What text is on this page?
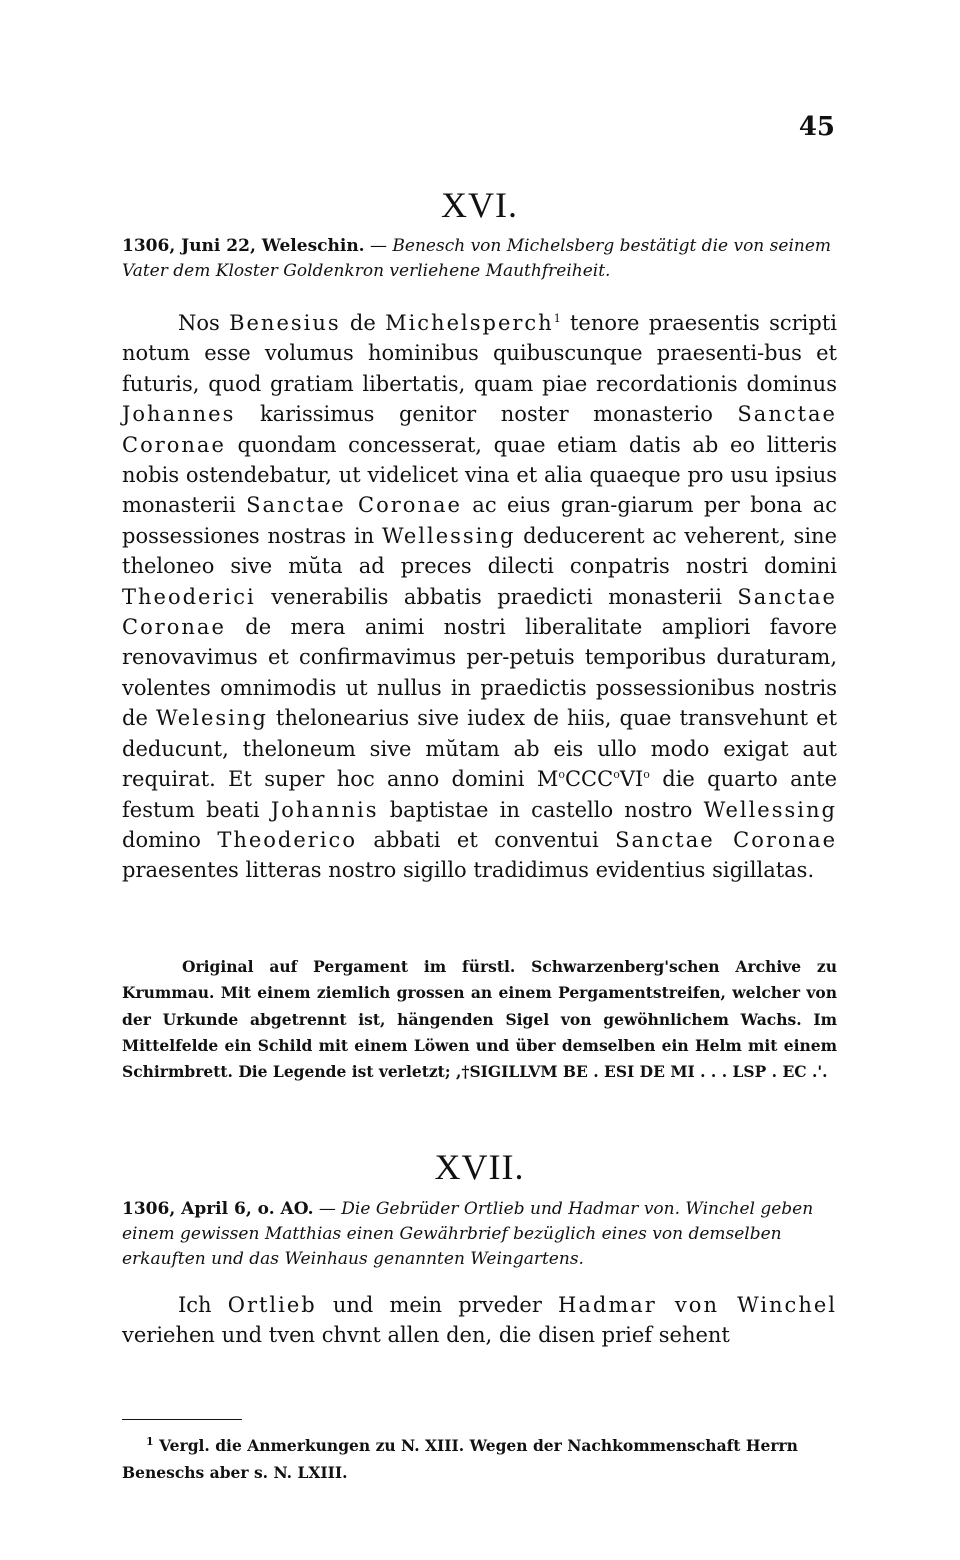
45
XVI.
1306, Juni 22, Weleschin. — Benesch von Michelsberg bestätigt die von seinem Vater dem Kloster Goldenkron verliehene Mauthfreiheit.

Nos Benesius de Michelsperch$^1$ tenore praesentis scripti notum esse volumus hominibus quibuscunque praesenti-bus et futuris, quod gratiam libertatis, quam piae recordationis dominus Johannes karissimus genitor noster monasterio Sanctae Coronae quondam concesserat, quae etiam datis ab eo litteris nobis ostendebatur, ut videlicet vina et alia quaeque pro usu ipsius monasterii Sanctae Coronae ac eius gran-giarum per bona ac possessiones nostras in Wellessing deducerent ac veherent, sine theloneo sive mŭta ad preces dilecti conpatris nostri domini Theoderici venerabilis abbatis praedicti monasterii Sanctae Coronae de mera animi nostri liberalitate ampliori favore renovavimus et confirmavimus per-petuis temporibus duraturam, volentes omnimodis ut nullus in praedictis possessionibus nostris de Welesing thelonearius sive iudex de hiis, quae transvehunt et deducunt, theloneum sive mŭtam ab eis ullo modo exigat aut requirat. Et super hoc anno domini $M^oCCC^oVI^o$ die quarto ante festum beati Johannis baptistae in castello nostro Wellessing domino Theoderico abbati et conventui Sanctae Coronae praesentes litteras nostro sigillo tradidimus evidentius sigillatas.

Original auf Pergament im fürstl. Schwarzenberg'schen Archive zu Krummau. Mit einem ziemlich grossen an einem Pergamentstreifen, welcher von der Urkunde abgetrennt ist, hängenden Sigel von gewöhnlichem Wachs. Im Mittelfelde ein Schild mit einem Löwen und über demselben ein Helm mit einem Schirmbrett. Die Legende ist verletzt; ,†SIGILLVM BE . ESI DE MI . . . LSP . EC .'.

XVII.
1306, April 6, o. AO. — Die Gebrüder Ortlieb und Hadmar von. Winchel geben einem gewissen Matthias einen Gewährbrief bezüglich eines von demselben erkauften und das Weinhaus genannten Weingartens.

Ich Ortlieb und mein prveder Hadmar von Winchel veriehen und tven chvnt allen den, die disen prief sehent

$^1$ Vergl. die Anmerkungen zu N. XIII. Wegen der Nachkommenschaft Herrn Beneschs aber s. N. LXIII.
